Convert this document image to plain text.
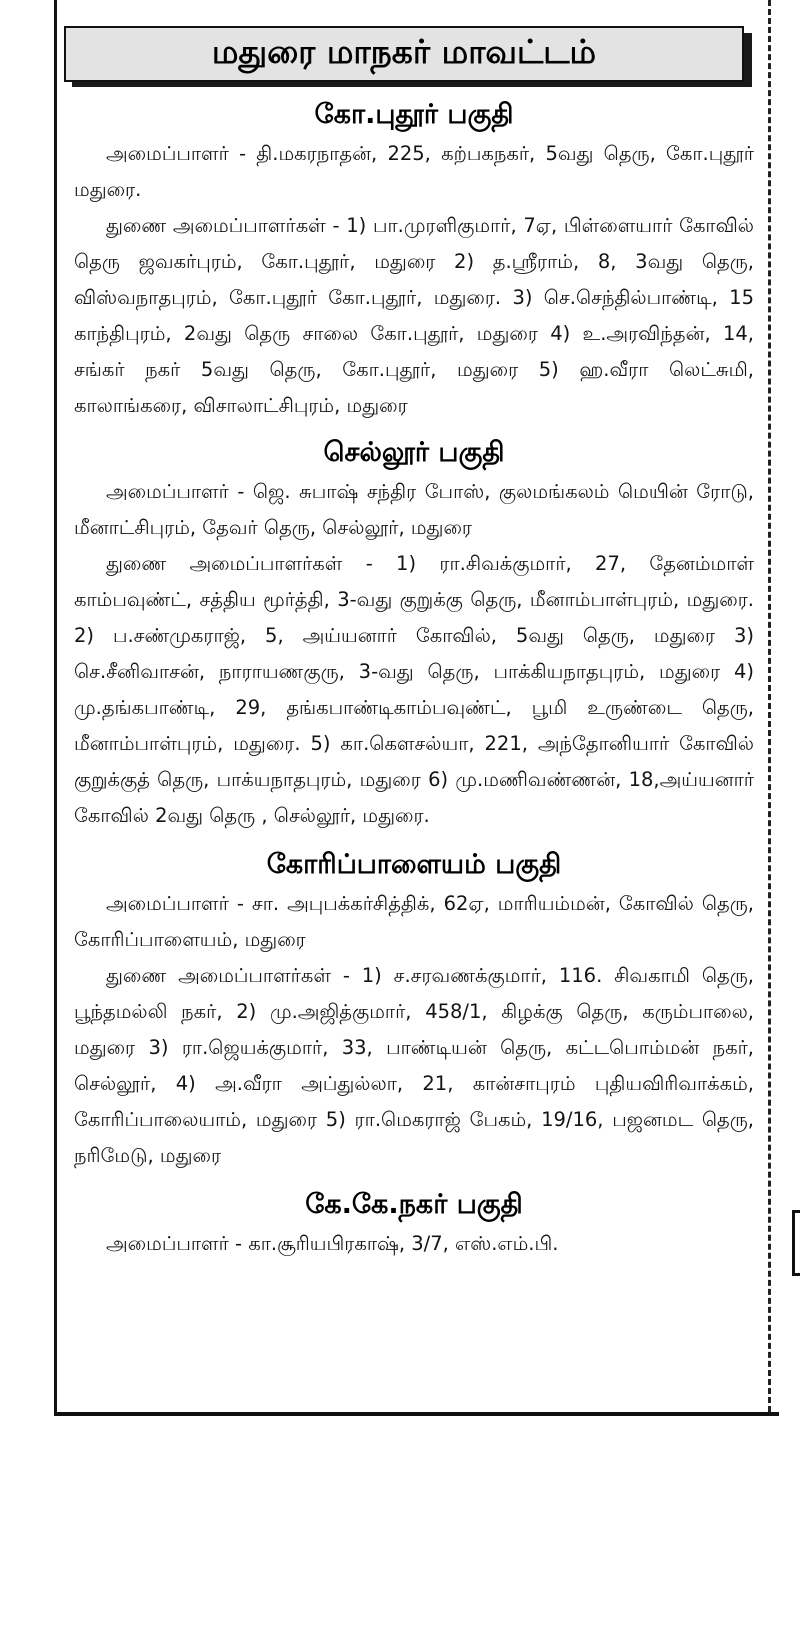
மதுரை மாநகர் மாவட்டம்
கோ.புதூர் பகுதி

அமைப்பாளர் - தி.மகரநாதன், 225, கற்பகநகர், 5வது தெரு, கோ.புதூர் மதுரை.

துணை அமைப்பாளர்கள் - 1) பா.முரளிகுமார், 7ஏ, பிள்ளையார் கோவில் தெரு ஜவகர்புரம், கோ.புதூர், மதுரை 2) த.ஸ்ரீராம், 8, 3வது தெரு, விஸ்வநாதபுரம், கோ.புதூர் கோ.புதூர், மதுரை. 3) செ.செந்தில்பாண்டி, 15 காந்திபுரம், 2வது தெரு சாலை கோ.புதூர், மதுரை 4) உ.அரவிந்தன், 14, சங்கர் நகர் 5வது தெரு, கோ.புதூர், மதுரை 5) ஹ.வீரா லெட்சுமி, காலாங்கரை, விசாலாட்சிபுரம், மதுரை

செல்லூர் பகுதி

அமைப்பாளர் - ஜெ. சுபாஷ் சந்திர போஸ், குலமங்கலம் மெயின் ரோடு, மீனாட்சிபுரம், தேவர் தெரு, செல்லூர், மதுரை

துணை அமைப்பாளர்கள் - 1) ரா.சிவக்குமார், 27, தேனம்மாள் காம்பவுண்ட், சத்திய மூர்த்தி, 3-வது குறுக்கு தெரு, மீனாம்பாள்புரம், மதுரை. 2) ப.சண்முகராஜ், 5, அய்யனார் கோவில், 5வது தெரு, மதுரை 3) செ.சீனிவாசன், நாராயணகுரு, 3-வது தெரு, பாக்கியநாதபுரம், மதுரை 4) மு.தங்கபாண்டி, 29, தங்கபாண்டிகாம்பவுண்ட், பூமி உருண்டை தெரு, மீனாம்பாள்புரம், மதுரை. 5) கா.கௌசல்யா, 221, அந்தோனியார் கோவில் குறுக்குத் தெரு, பாக்யநாதபுரம், மதுரை 6) மு.மணிவண்ணன், 18,அய்யனார் கோவில் 2வது தெரு , செல்லூர், மதுரை.

கோரிப்பாளையம் பகுதி

அமைப்பாளர் - சா. அபுபக்கர்சித்திக், 62ஏ, மாரியம்மன், கோவில் தெரு, கோரிப்பாளையம், மதுரை

துணை அமைப்பாளர்கள் - 1) ச.சரவணக்குமார், 116. சிவகாமி தெரு, பூந்தமல்லி நகர், 2) மு.அஜித்குமார், 458/1, கிழக்கு தெரு, கரும்பாலை, மதுரை 3) ரா.ஜெயக்குமார், 33, பாண்டியன் தெரு, கட்டபொம்மன் நகர், செல்லூர், 4) அ.வீரா அப்துல்லா, 21, கான்சாபுரம் புதியவிரிவாக்கம், கோரிப்பாலையாம், மதுரை 5) ரா.மெகராஜ் பேகம், 19/16, பஜனமட தெரு, நரிமேடு, மதுரை

கே.கே.நகர் பகுதி

அமைப்பாளர் - கா.சூரியபிரகாஷ், 3/7, எஸ்.எம்.பி.
